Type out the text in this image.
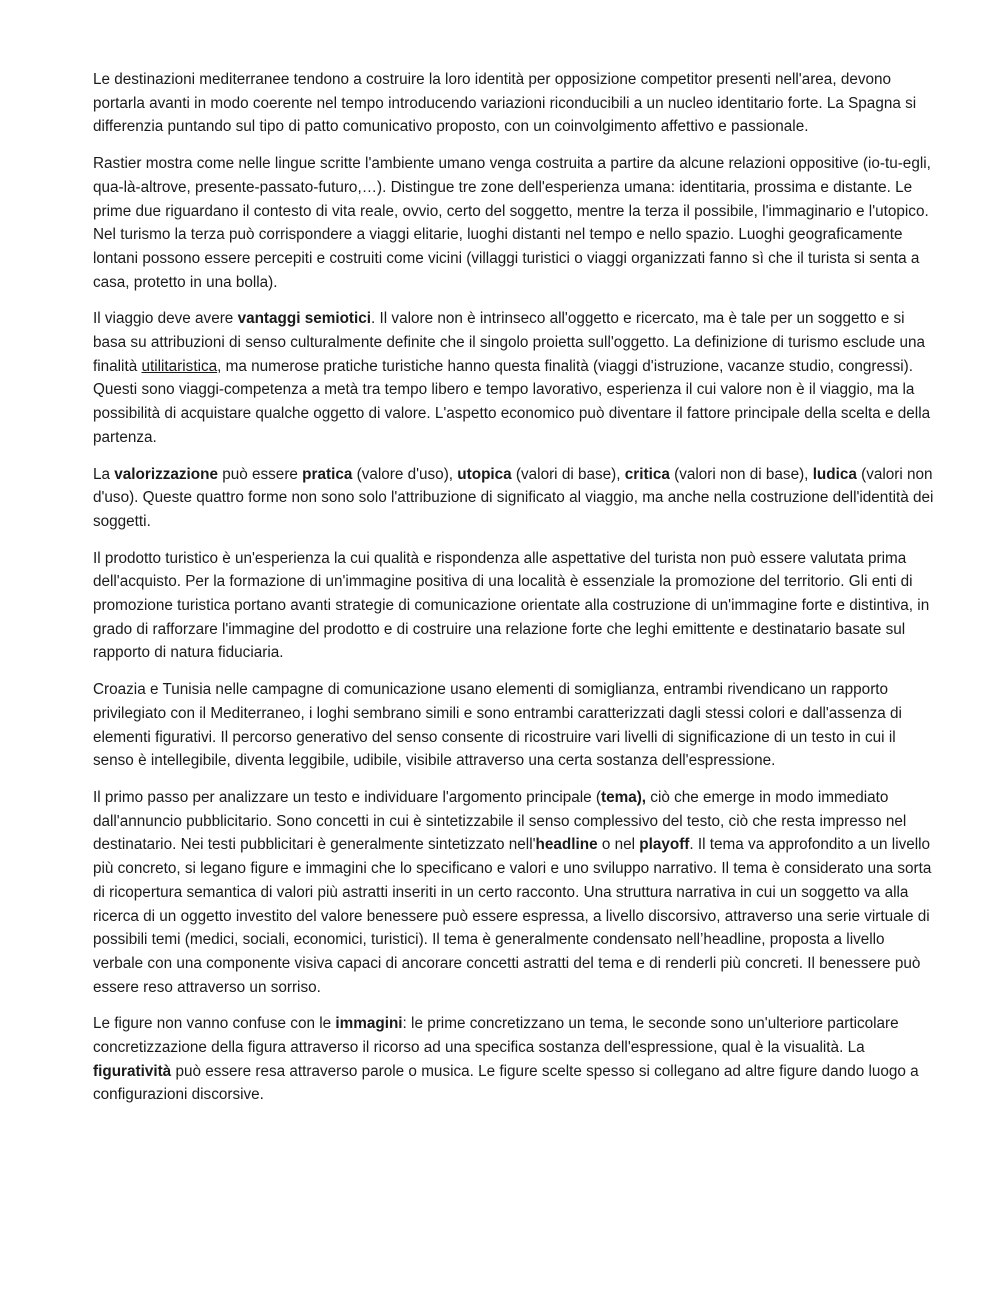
Le destinazioni mediterranee tendono a costruire la loro identità per opposizione competitor presenti nell'area, devono portarla avanti in modo coerente nel tempo introducendo variazioni riconducibili a un nucleo identitario forte. La Spagna si differenzia puntando sul tipo di patto comunicativo proposto, con un coinvolgimento affettivo e passionale.

Rastier mostra come nelle lingue scritte l'ambiente umano venga costruita a partire da alcune relazioni oppositive (io-tu-egli, qua-là-altrove, presente-passato-futuro,…). Distingue tre zone dell'esperienza umana: identitaria, prossima e distante. Le prime due riguardano il contesto di vita reale, ovvio, certo del soggetto, mentre la terza il possibile, l'immaginario e l'utopico. Nel turismo la terza può corrispondere a viaggi elitarie, luoghi distanti nel tempo e nello spazio. Luoghi geograficamente lontani possono essere percepiti e costruiti come vicini (villaggi turistici o viaggi organizzati fanno sì che il turista si senta a casa, protetto in una bolla).

Il viaggio deve avere vantaggi semiotici. Il valore non è intrinseco all'oggetto e ricercato, ma è tale per un soggetto e si basa su attribuzioni di senso culturalmente definite che il singolo proietta sull'oggetto. La definizione di turismo esclude una finalità utilitaristica, ma numerose pratiche turistiche hanno questa finalità (viaggi d'istruzione, vacanze studio, congressi). Questi sono viaggi-competenza a metà tra tempo libero e tempo lavorativo, esperienza il cui valore non è il viaggio, ma la possibilità di acquistare qualche oggetto di valore. L'aspetto economico può diventare il fattore principale della scelta e della partenza.

La valorizzazione può essere pratica (valore d'uso), utopica (valori di base), critica (valori non di base), ludica (valori non d'uso). Queste quattro forme non sono solo l'attribuzione di significato al viaggio, ma anche nella costruzione dell'identità dei soggetti.

Il prodotto turistico è un'esperienza la cui qualità e rispondenza alle aspettative del turista non può essere valutata prima dell'acquisto. Per la formazione di un'immagine positiva di una località è essenziale la promozione del territorio. Gli enti di promozione turistica portano avanti strategie di comunicazione orientate alla costruzione di un'immagine forte e distintiva, in grado di rafforzare l'immagine del prodotto e di costruire una relazione forte che leghi emittente e destinatario basate sul rapporto di natura fiduciaria.

Croazia e Tunisia nelle campagne di comunicazione usano elementi di somiglianza, entrambi rivendicano un rapporto privilegiato con il Mediterraneo, i loghi sembrano simili e sono entrambi caratterizzati dagli stessi colori e dall'assenza di elementi figurativi. Il percorso generativo del senso consente di ricostruire vari livelli di significazione di un testo in cui il senso è intellegibile, diventa leggibile, udibile, visibile attraverso una certa sostanza dell'espressione.

Il primo passo per analizzare un testo e individuare l'argomento principale (tema), ciò che emerge in modo immediato dall'annuncio pubblicitario. Sono concetti in cui è sintetizzabile il senso complessivo del testo, ciò che resta impresso nel destinatario. Nei testi pubblicitari è generalmente sintetizzato nell'headline o nel playoff. Il tema va approfondito a un livello più concreto, si legano figure e immagini che lo specificano e valori e uno sviluppo narrativo. Il tema è considerato una sorta di ricopertura semantica di valori più astratti inseriti in un certo racconto. Una struttura narrativa in cui un soggetto va alla ricerca di un oggetto investito del valore benessere può essere espressa, a livello discorsivo, attraverso una serie virtuale di possibili temi (medici, sociali, economici, turistici). Il tema è generalmente condensato nell’headline, proposta a livello verbale con una componente visiva capaci di ancorare concetti astratti del tema e di renderli più concreti. Il benessere può essere reso attraverso un sorriso.

Le figure non vanno confuse con le immagini: le prime concretizzano un tema, le seconde sono un'ulteriore particolare concretizzazione della figura attraverso il ricorso ad una specifica sostanza dell'espressione, qual è la visualità. La figuratività può essere resa attraverso parole o musica. Le figure scelte spesso si collegano ad altre figure dando luogo a configurazioni discorsive.
